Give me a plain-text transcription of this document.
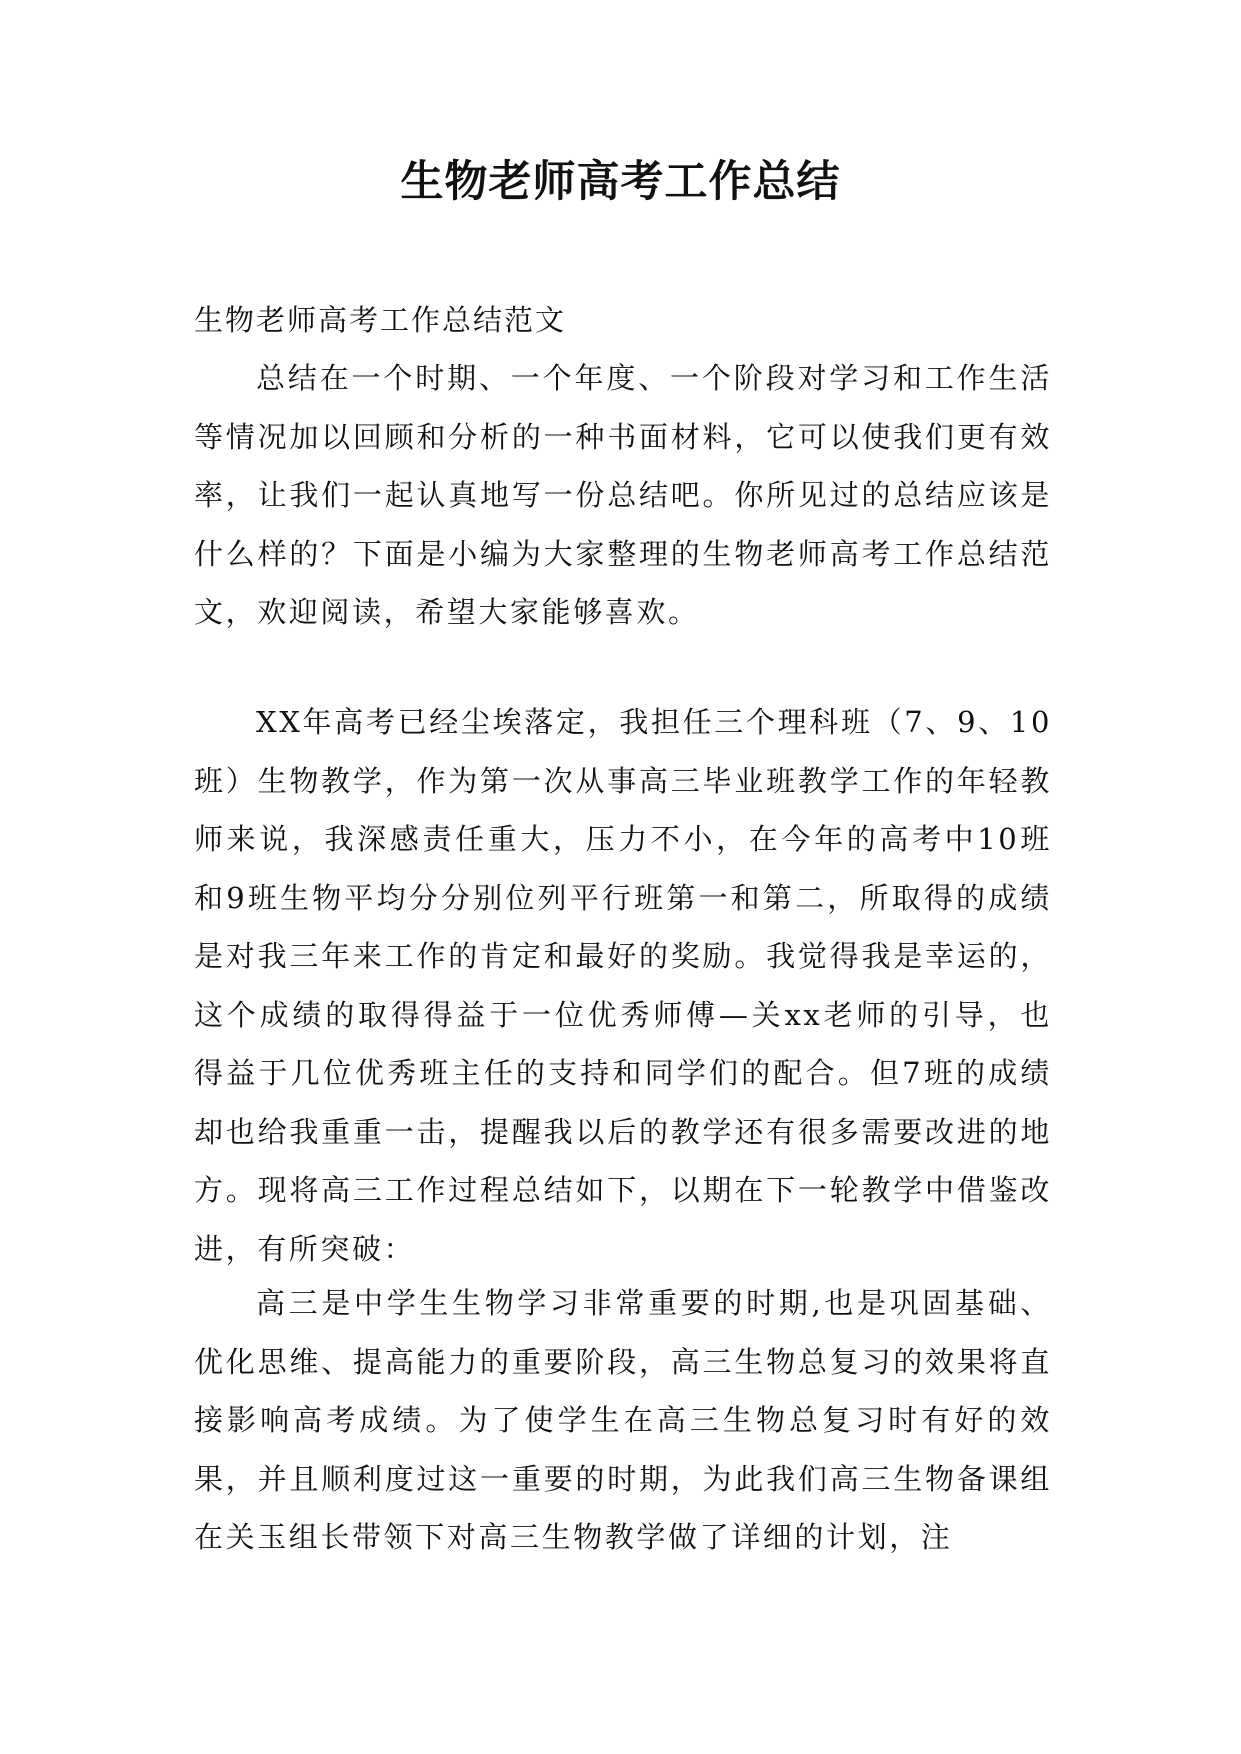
生物老师高考工作总结

生物老师高考工作总结范文

总结在一个时期、一个年度、一个阶段对学习和工作生活等情况加以回顾和分析的一种书面材料，它可以使我们更有效率，让我们一起认真地写一份总结吧。你所见过的总结应该是什么样的？下面是小编为大家整理的生物老师高考工作总结范文，欢迎阅读，希望大家能够喜欢。

XX年高考已经尘埃落定，我担任三个理科班（7、9、10班）生物教学，作为第一次从事高三毕业班教学工作的年轻教师来说，我深感责任重大，压力不小，在今年的高考中10班和9班生物平均分分别位列平行班第一和第二，所取得的成绩是对我三年来工作的肯定和最好的奖励。我觉得我是幸运的，这个成绩的取得得益于一位优秀师傅—关xx老师的引导，也得益于几位优秀班主任的支持和同学们的配合。但7班的成绩却也给我重重一击，提醒我以后的教学还有很多需要改进的地方。现将高三工作过程总结如下，以期在下一轮教学中借鉴改进，有所突破：

高三是中学生生物学习非常重要的时期,也是巩固基础、优化思维、提高能力的重要阶段，高三生物总复习的效果将直接影响高考成绩。为了使学生在高三生物总复习时有好的效果，并且顺利度过这一重要的时期，为此我们高三生物备课组在关玉组长带领下对高三生物教学做了详细的计划，注
